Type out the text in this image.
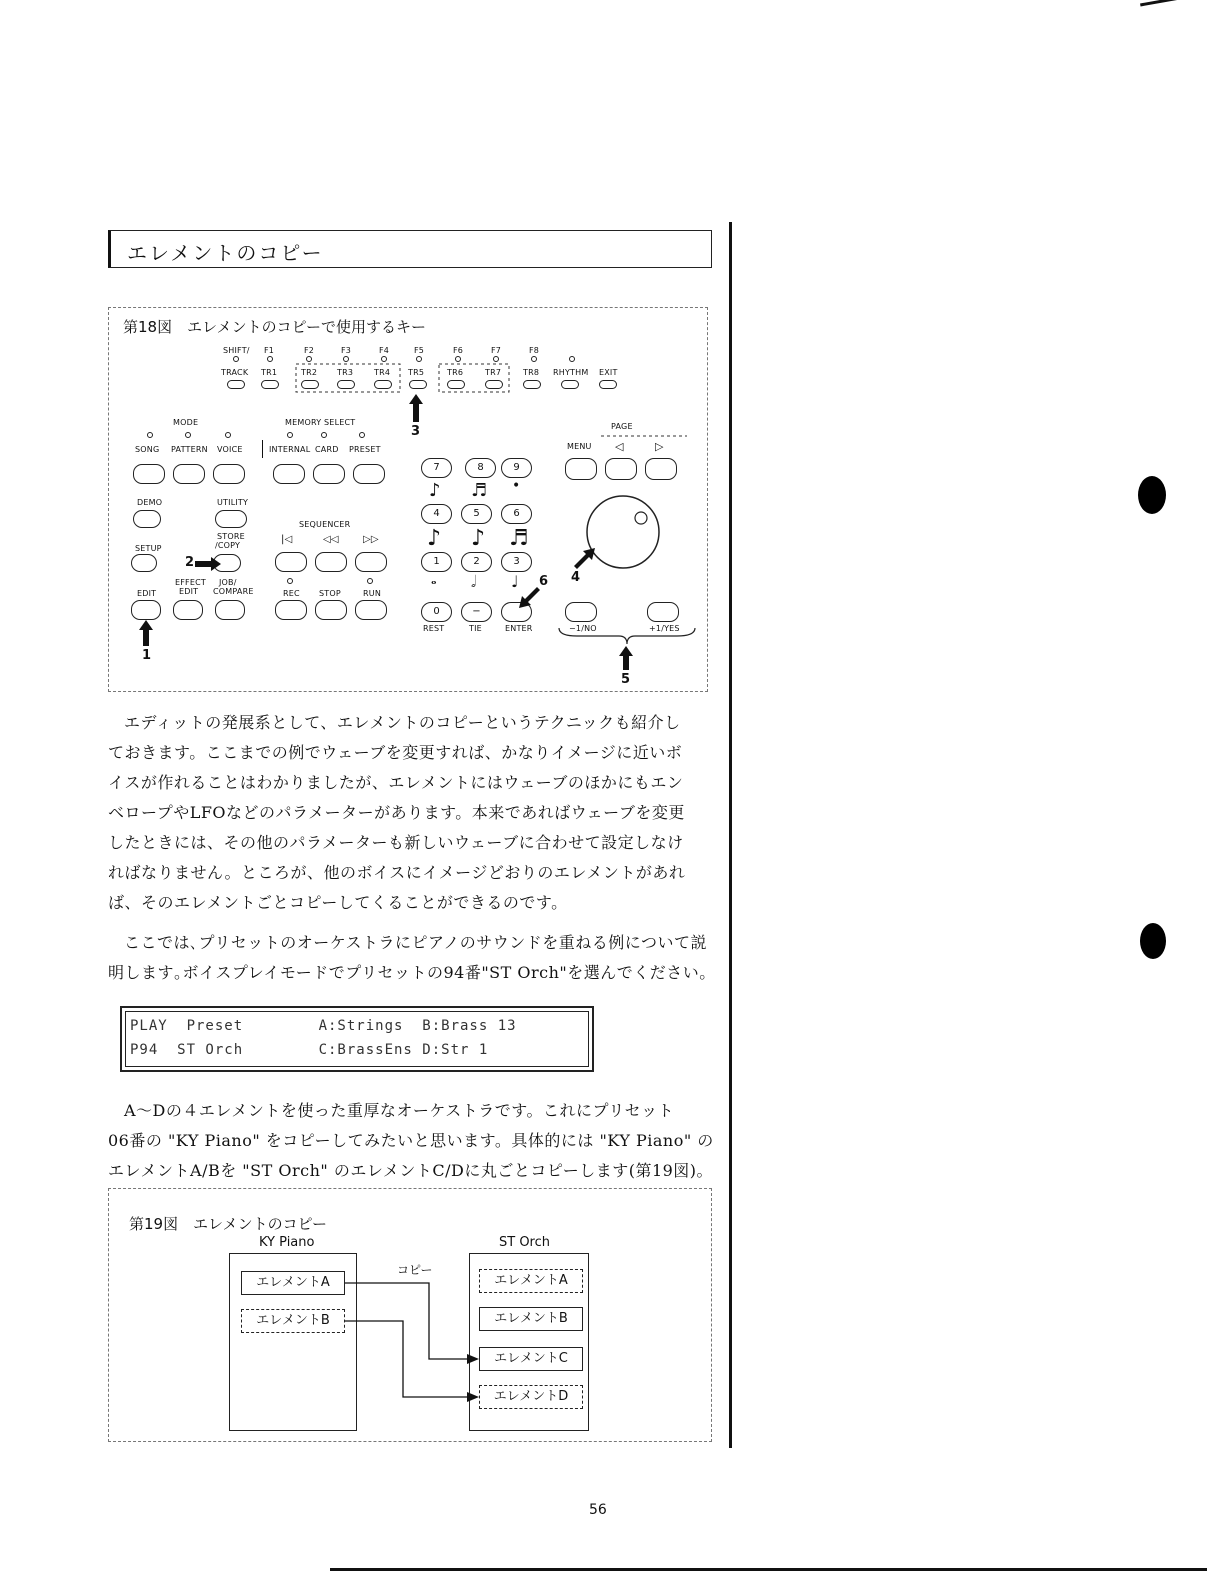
エレメントのコピー
第18図　エレメントのコピーで使用するキー
SHIFT/ F1	F2	F3	F4	F5	F6	F7	F8
TRACK TR1	TR2 TR3	TR4 TR5	TR6	TR7	TR8 RHYTHM EXIT
3
MODE
SONG PATTERN VOICE
MEMORY SELECT
INTERNAL CARD PRESET
DEMO	UTILITY
STORE
/COPY
SETUP
2
EFFECT
EDIT
JOB/
COMPARE
EDIT
1
SEQUENCER
|◁	◁◁ ▷▷
REC STOP	RUN
7	8	9
♪ ♬ •
4	5	6
♪ ♪ ♬
1	2	3
𝅝 𝅗𝅥 ♩
0	−
REST	TIE	ENTER
6
PAGE
MENU ◁	▷
4
−1/NO	+1/YES
5

エディットの発展系として、エレメントのコピーというテクニックも紹介し

ておきます。ここまでの例でウェーブを変更すれば、かなりイメージに近いボ

イスが作れることはわかりましたが、エレメントにはウェーブのほかにもエン

ベロープやLFOなどのパラメーターがあります。本来であればウェーブを変更

したときには、その他のパラメーターも新しいウェーブに合わせて設定しなけ

ればなりません。ところが、他のボイスにイメージどおりのエレメントがあれ

ば、そのエレメントごとコピーしてくることができるのです。

ここでは､プリセットのオーケストラにピアノのサウンドを重ねる例について説

明します｡ボイスプレイモードでプリセットの94番"ST Orch"を選んでください。

PLAY  Preset        A:Strings  B:Brass 13
P94  ST Orch        C:BrassEns D:Str 1

A～Dの４エレメントを使った重厚なオーケストラです。これにプリセット

06番の "KY Piano" をコピーしてみたいと思います。具体的には "KY Piano" の

エレメントA/Bを "ST Orch" のエレメントC/Dに丸ごとコピーします(第19図)。

第19図　エレメントのコピー
KY Piano	ST Orch
エレメントA
エレメントB
エレメントA
エレメントB
エレメントC
エレメントD
コピー
56
